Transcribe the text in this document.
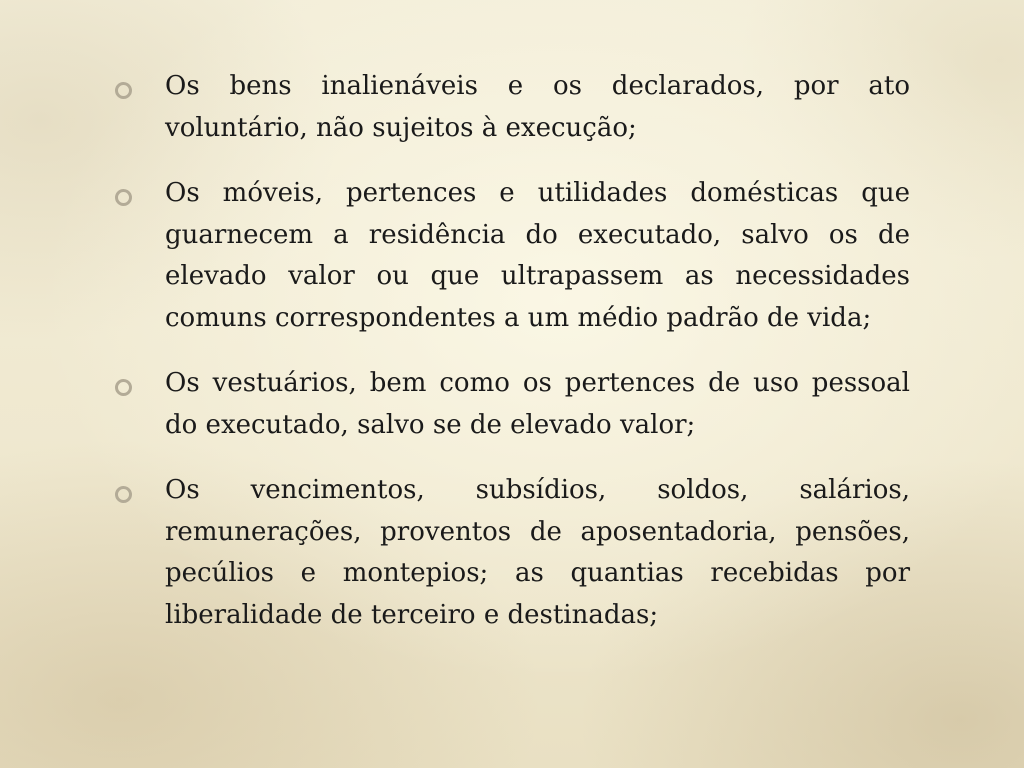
Os bens inalienáveis e os declarados, por ato voluntário, não sujeitos à execução;
Os móveis, pertences e utilidades domésticas que guarnecem a residência do executado, salvo os de elevado valor ou que ultrapassem as necessidades comuns correspondentes a um médio padrão de vida;
Os vestuários, bem como os pertences de uso pessoal do executado, salvo se de elevado valor;
Os vencimentos, subsídios, soldos, salários, remunerações, proventos de aposentadoria, pensões, pecúlios e montepios; as quantias recebidas por liberalidade de terceiro e destinadas;
